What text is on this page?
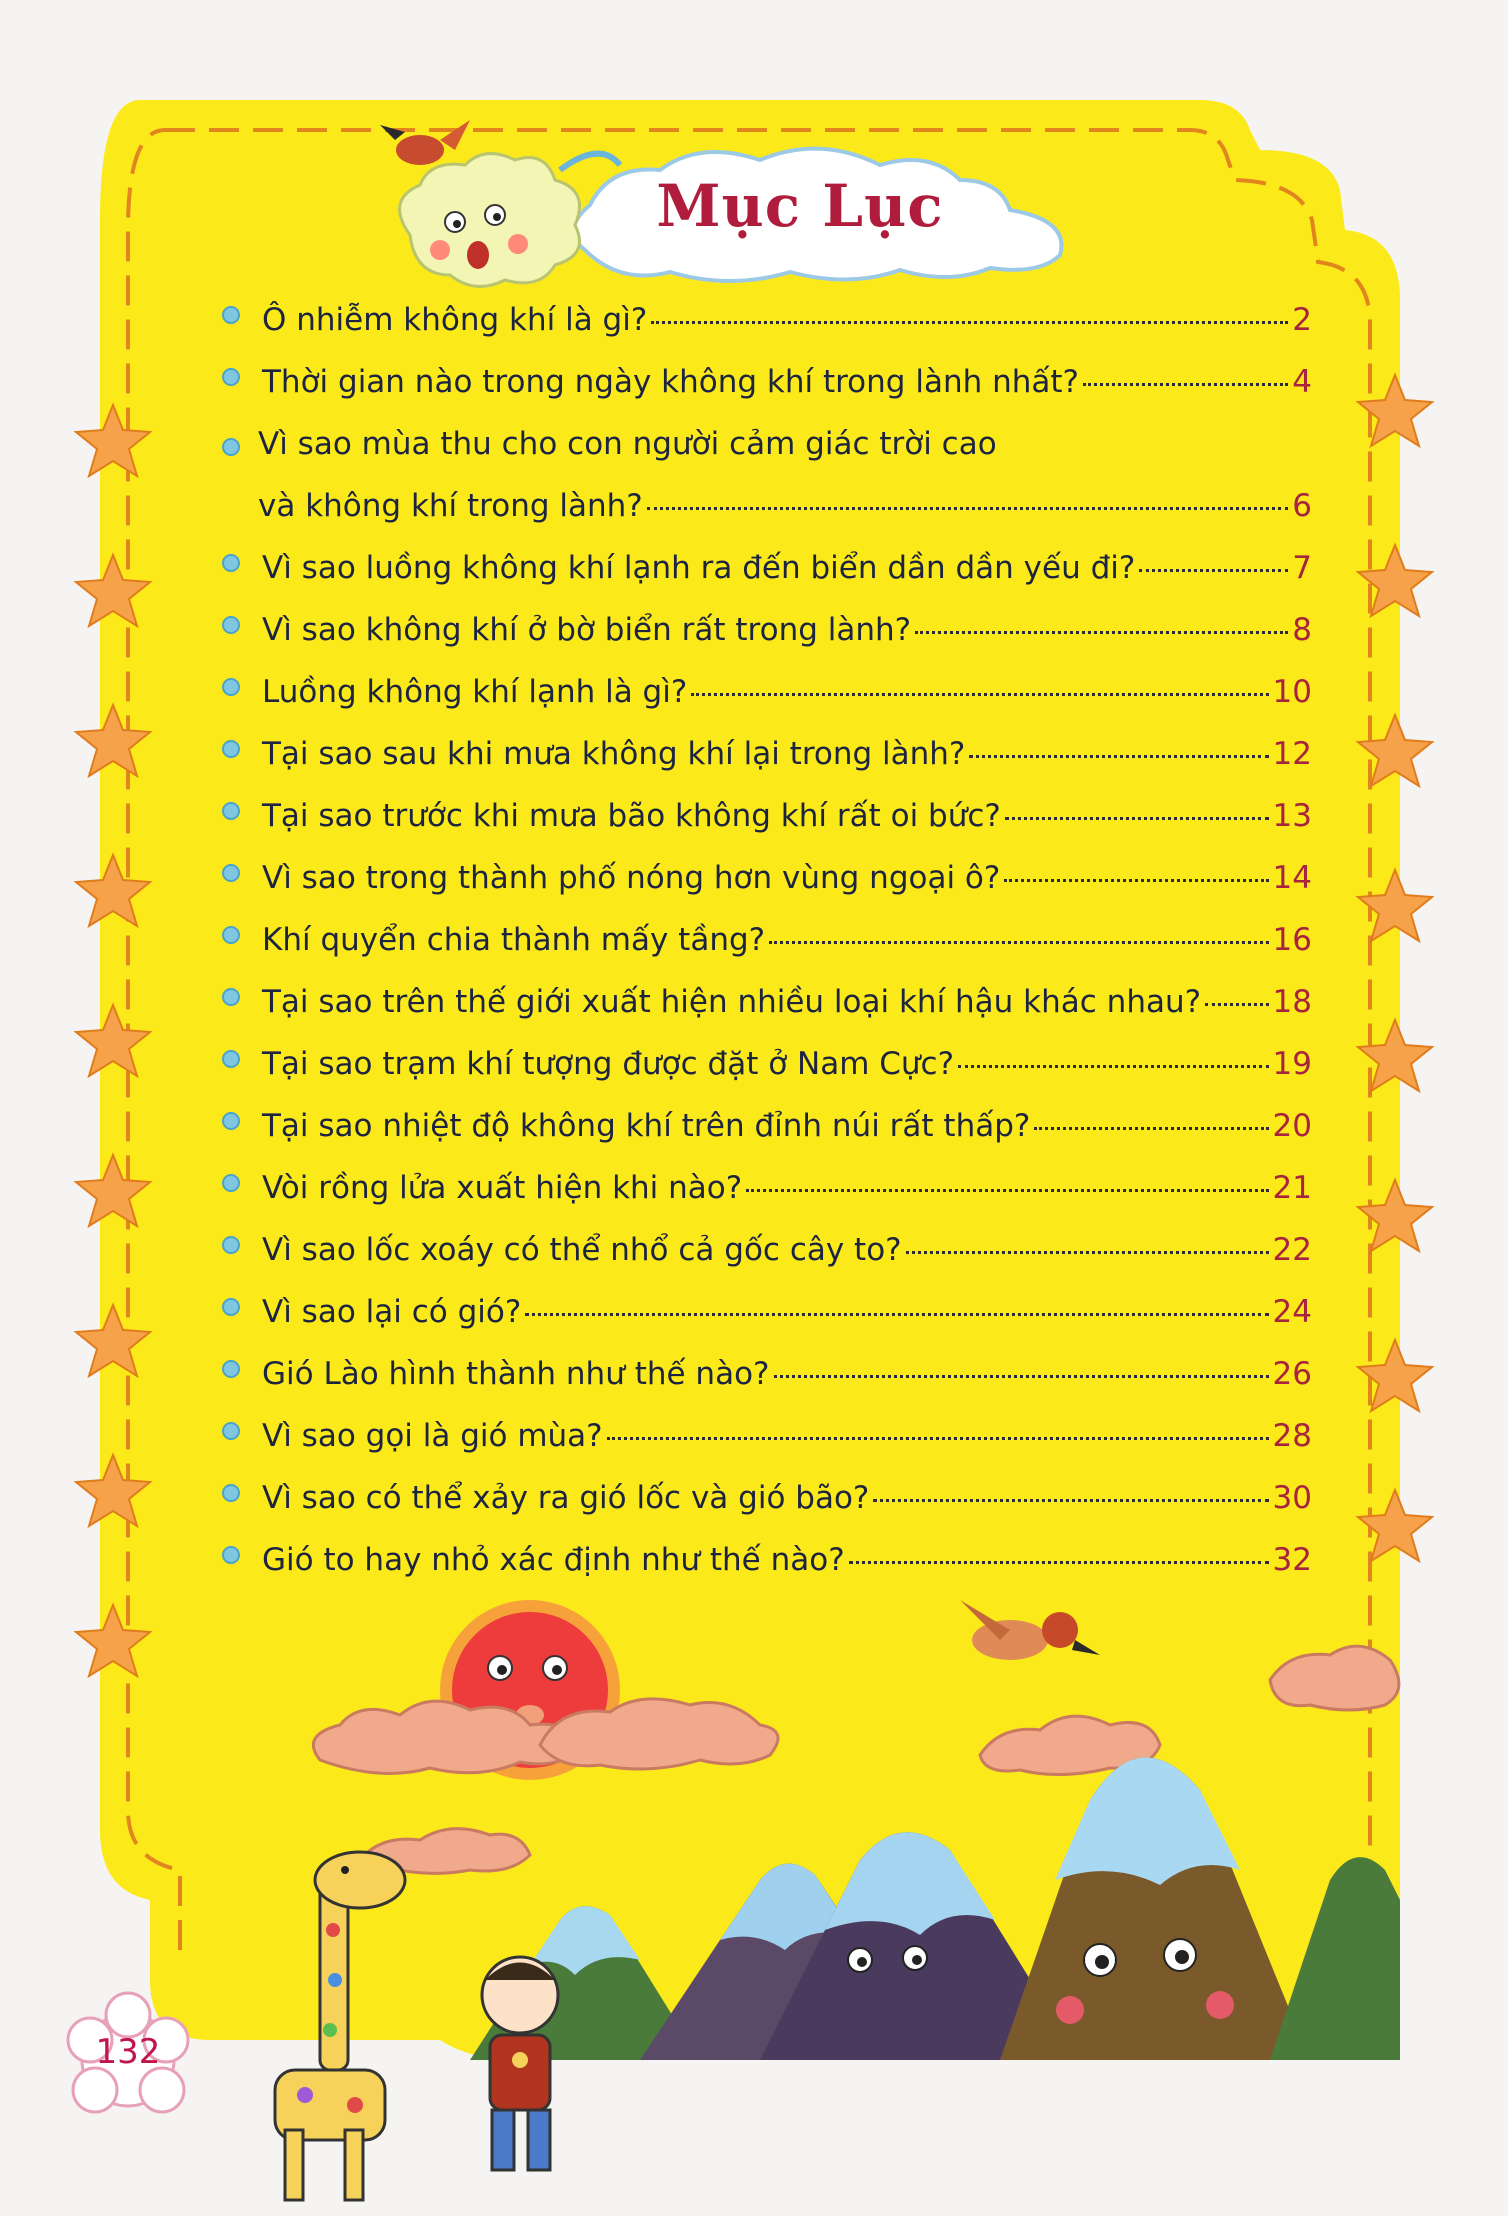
Mục Lục
Ô nhiễm không khí là gì?	2
Thời gian nào trong ngày không khí trong lành nhất?	4
Vì sao mùa thu cho con người cảm giác trời cao
và không khí trong lành?	6
Vì sao luồng không khí lạnh ra đến biển dần dần yếu đi?	7
Vì sao không khí ở bờ biển rất trong lành?	8
Luồng không khí lạnh là gì?	10
Tại sao sau khi mưa không khí lại trong lành?	12
Tại sao trước khi mưa bão không khí rất oi bức?	13
Vì sao trong thành phố nóng hơn vùng ngoại ô?	14
Khí quyển chia thành mấy tầng?	16
Tại sao trên thế giới xuất hiện nhiều loại khí hậu khác nhau? 18
Tại sao trạm khí tượng được đặt ở Nam Cực?	19
Tại sao nhiệt độ không khí trên đỉnh núi rất thấp?	20
Vòi rồng lửa xuất hiện khi nào?	21
Vì sao lốc xoáy có thể nhổ cả gốc cây to?	22
Vì sao lại có gió?	24
Gió Lào hình thành như thế nào?	26
Vì sao gọi là gió mùa?	28
Vì sao có thể xảy ra gió lốc và gió bão?	30
Gió to hay nhỏ xác định như thế nào?	32
132
